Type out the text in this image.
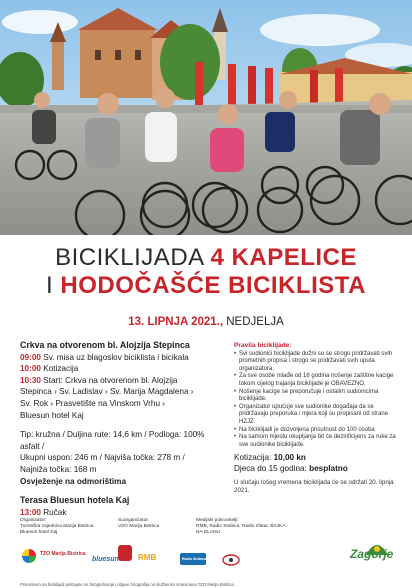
BICIKLIJADA 4 KAPELICE
I HODOČAŠĆE BICIKLISTA
13. LIPNJA 2021., NEDJELJA
Crkva na otvorenom bl. Alojzija Stepinca
09:00 Sv. misa uz blagoslov biciklista i bicikala
10:00 Kotizacija
10:30 Start: Crkva na otvorenom bl. Alojzija
Stepinca › Sv. Ladislav › Sv. Marija Magdalena ›
Sv. Rok › Prasvetište na Vinskom Vrhu ›
Bluesun hotel Kaj
Tip: kružna / Duljina rute: 14,6 km / Podloga: 100% asfalt /
Ukupni uspon: 246 m / Najviša točka: 278 m /
Najniža točka: 168 m
Osvježenje na odmorištima
Terasa Bluesun hotela Kaj
13:00 Ručak
Pravila biciklijade:
• Svi sudionici biciklijade dužni su se strogo pridržavati svih prometnih propisa i strogo se pridržavati svih uputa organizatora.
• Za sve osobe mlađe od 16 godina nošenje zaštitne kacige tokom cijelog trajanja biciklijade je OBAVEZNO.
• Nošenje kacige se preporučuje i ostalim sudionicima biciklijade.
• Organizator upućuje sve sudionike događaja da se pridržavaju preporuka i mjera koji su propisani od strane HZJZ.
• Na biciklijadi je dozvoljena prisutnost do 100 osoba
• Na samom mjestu okupljanja bit će dezinficijens za ruke za sve sudionike biciklijade.
Kotizacija: 10,00 kn
Djeca do 15 godina: besplatno
U slučaju lošeg vremena biciklijada će se održati 20. lipnja 2021.
Organizator:
Turistička zajednica Marija Bistrica Bluesun hotel Kaj
Suorganizator:
VZO Marija Bistrica
Medijski pokrovitelji:
RMB, Radio Stubica, Radio Zlatar, BAJKA NA DLANU
TZO Marija Bistrica
bluesun RMB	Radio Stubica
Prisustvom na biciklijadi pristajete na fotografiranje i objave fotografija na službenim stranicama TZO Marija Bistrica.
Zagorje
